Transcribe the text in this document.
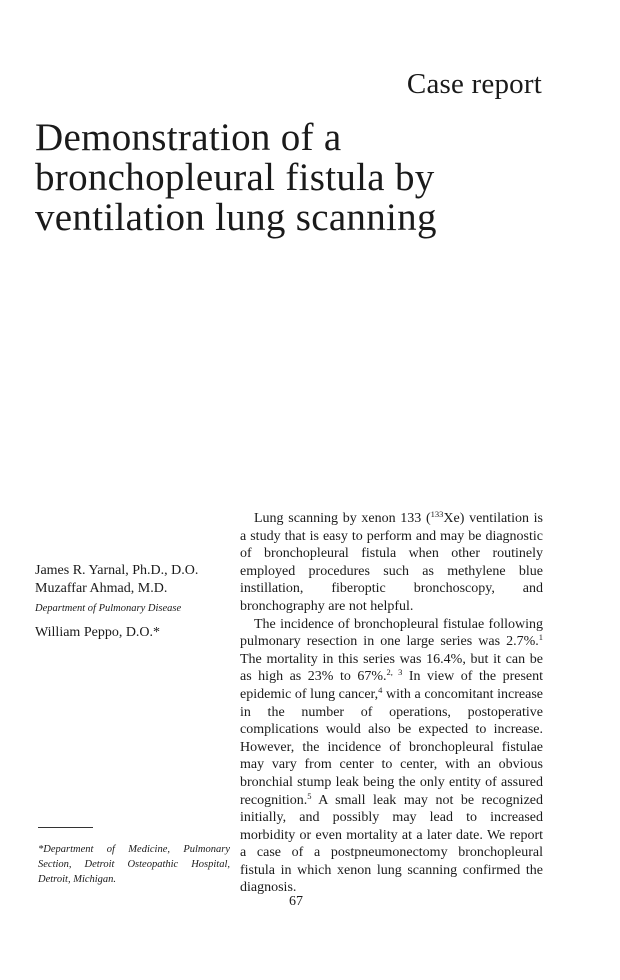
Case report
Demonstration of a
bronchopleural fistula by
ventilation lung scanning
James R. Yarnal, Ph.D., D.O.
Muzaffar Ahmad, M.D.
Department of Pulmonary Disease
William Peppo, D.O.*

*Department of Medicine, Pulmonary Section, Detroit Osteopathic Hospital, Detroit, Michigan.

Lung scanning by xenon 133 ($^{133}$Xe) ventilation is a study that is easy to perform and may be diagnostic of bronchopleural fistula when other routinely employed procedures such as methylene blue instillation, fiberoptic bronchoscopy, and bronchography are not helpful.

The incidence of bronchopleural fistulae following pulmonary resection in one large series was 2.7%.$^1$ The mortality in this series was 16.4%, but it can be as high as 23% to 67%.$^{2, 3}$ In view of the present epidemic of lung cancer,$^4$ with a concomitant increase in the number of operations, postoperative complications would also be expected to increase. However, the incidence of bronchopleural fistulae may vary from center to center, with an obvious bronchial stump leak being the only entity of assured recognition.$^5$ A small leak may not be recognized initially, and possibly may lead to increased morbidity or even mortality at a later date. We report a case of a postpneumonectomy bronchopleural fistula in which xenon lung scanning confirmed the diagnosis.

67
